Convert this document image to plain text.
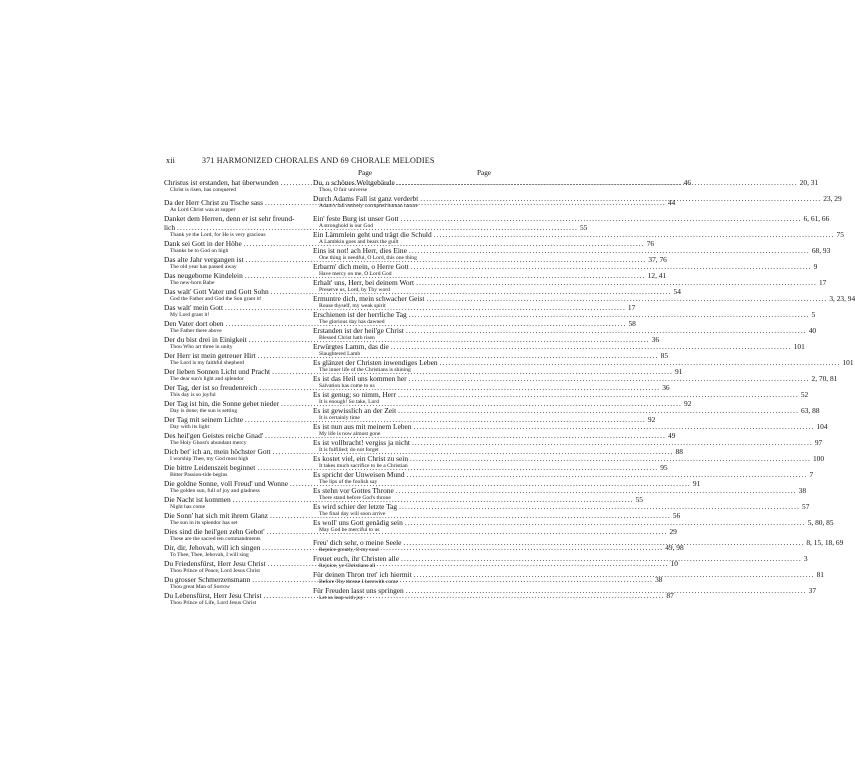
xii	371 HARMONIZED CHORALES AND 69 CHORALE MELODIES
Page
Christus ist erstanden, hat überwunden .....	46
Christ is risen, has conquered
Da der Herr Christ zu Tische sass .....	44
As Lord Christ was at supper
Danket dem Herren, denn er ist sehr freund-
lich .....	55
Thank ye the Lord, for He is very gracious
Dank sei Gott in der Höhe .....	76
Thanks be to God on high
Das alte Jahr vergangen ist .....	37, 76
The old year has passed away
Das neugeborne Kindelein .....	12, 41
The new-born Babe
Das walt' Gott Vater und Gott Sohn .....	54
God the Father and God the Son grant it!
Das walt' mein Gott .....	17
My Lord grant it!
Den Vater dort oben .....	58
The Father there above
Der du bist drei in Einigkeit .....	36
Thou Who art three in unity
Der Herr ist mein getreuer Hirt .....	85
The Lord is my faithful shepherd
Der lieben Sonnen Licht und Pracht .....	91
The dear sun's light and splendor
Der Tag, der ist so freudenreich .....	36
This day is so joyful
Der Tag ist hin, die Sonne gehet nieder .....	92
Day is done; the sun is setting
Der Tag mit seinem Lichte .....	92
Day with its light
Des heil'gen Geistes reiche Gnad' .....	49
The Holy Ghost's abundant mercy
Dich bet' ich an, mein höchster Gott .....	88
I worship Thee, my God most high
Die bittre Leidenszeit beginnet .....	95
Bitter Passion-tide begins
Die goldne Sonne, voll Freud' und Wonne .....	91
The golden sun, full of joy and gladness
Die Nacht ist kommen .....	55
Night has come
Die Sonn' hat sich mit ihrem Glanz .....	56
The sun in its splendor has set
Dies sind die heil'gen zehn Gebot' .....	29
These are the sacred ten commandments
Dir, dir, Jehovah, will ich singen .....	49, 98
To Thee, Thee, Jehovah, I will sing
Du Friedensfürst, Herr Jesu Christ .....	10
Thou Prince of Peace, Lord Jesus Christ
Du grosser Schmerzensmann .....	38
Thou great Man of Sorrow
Du Lebensfürst, Herr Jesu Christ .....	87
Thou Prince of Life, Lord Jesus Christ
Page
Du, o schönes Weltgebäude .....	20, 31
Thou, O fair universe
Durch Adams Fall ist ganz verderbt .....	23, 29
Adam's fall entirely corrupted human nature
Ein' feste Burg ist unser Gott .....	6, 61, 66
A stronghold is our God
Ein Lämmlein geht und trägt die Schuld .....	75
A Lambkin goes and bears the guilt
Eins ist not! ach Herr, dies Eine .....	68, 93
One thing is needful, O Lord, this one thing
Erbarm' dich mein, o Herre Gott .....	9
Have mercy on me, O Lord God
Erhalt' uns, Herr, bei deinem Wort .....	17
Preserve us, Lord, by Thy word
Ermuntre dich, mein schwacher Geist .....	3, 23, 94
Rouse thyself, my weak spirit
Erschienen ist der herrliche Tag .....	5
The glorious day has dawned
Erstanden ist der heil'ge Christ .....	40
Blessed Christ hath risen
Erwürgtes Lamm, das die .....	101
Slaughtered Lamb
Es glänzet der Christen inwendiges Leben .....	101
The inner life of the Christians is shining
Es ist das Heil uns kommen her .....	2, 70, 81
Salvation has come to us
Es ist genug; so nimm, Herr .....	52
It is enough! So take, Lord
Es ist gewisslich an der Zeit .....	63, 88
It is certainly time
Es ist nun aus mit meinem Leben .....	104
My life is now almost gone
Es ist vollbracht! vergiss ja nicht .....	97
It is fulfilled; do not forget
Es kostet viel, ein Christ zu sein .....	100
It takes much sacrifice to be a Christian
Es spricht der Unweisen Mund .....	7
The lips of the foolish say
Es stehn vor Gottes Throne .....	38
There stand before God's throne
Es wird schier der letzte Tag .....	57
The final day will soon arrive
Es woll' uns Gott genädig sein .....	5, 80, 85
May God be merciful to us
Freu' dich sehr, o meine Seele .....	8, 15, 18, 69
Rejoice greatly, O my soul
Freuet euch, ihr Christen alle .....	3
Rejoice, ye Christians all
Für deinen Thron tret' ich hiermit .....	81
Before Thy throne I herewith come
Für Freuden lasst uns springen .....	37
Let us leap with joy
